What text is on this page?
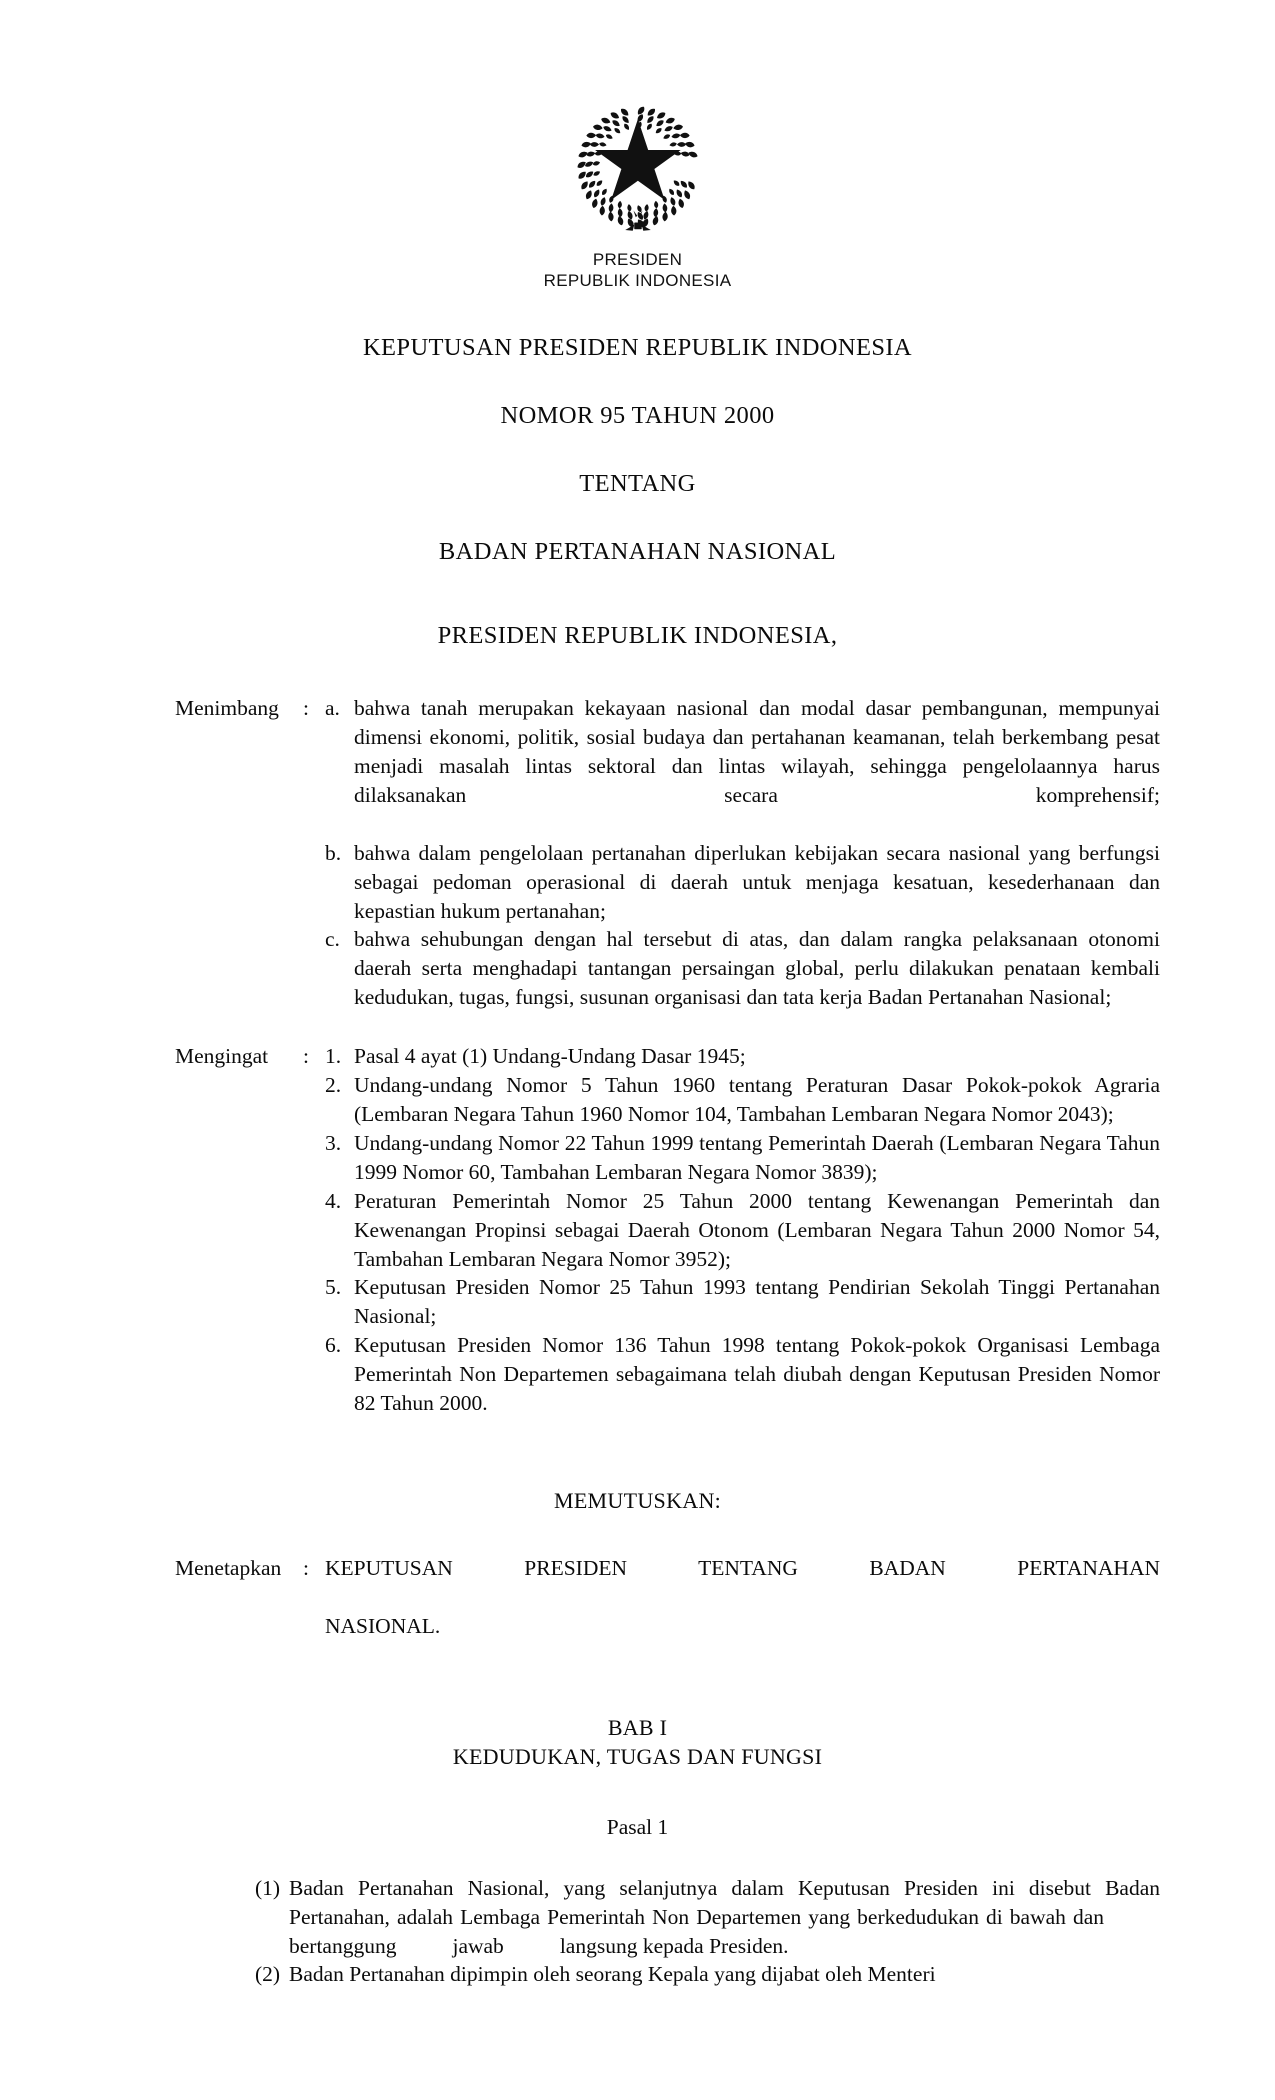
PRESIDEN
REPUBLIK INDONESIA
KEPUTUSAN PRESIDEN REPUBLIK INDONESIA
NOMOR 95 TAHUN 2000
TENTANG
BADAN PERTANAHAN NASIONAL
PRESIDEN REPUBLIK INDONESIA,
Menimbang	: a. bahwa tanah merupakan kekayaan nasional dan modal dasar pembangunan, mempunyai dimensi ekonomi, politik, sosial budaya dan pertahanan keamanan, telah berkembang pesat menjadi masalah lintas sektoral dan lintas wilayah, sehingga pengelolaannya harus dilaksanakan secara komprehensif;
b. bahwa dalam pengelolaan pertanahan diperlukan kebijakan secara nasional yang berfungsi sebagai pedoman operasional di daerah untuk menjaga kesatuan, kesederhanaan dan kepastian hukum pertanahan;
c. bahwa sehubungan dengan hal tersebut di atas, dan dalam rangka pelaksanaan otonomi daerah serta menghadapi tantangan persaingan global, perlu dilakukan penataan kembali kedudukan, tugas, fungsi, susunan organisasi dan tata kerja Badan Pertanahan Nasional;
Mengingat	: 1. Pasal 4 ayat (1) Undang-Undang Dasar 1945;
2. Undang-undang Nomor 5 Tahun 1960 tentang Peraturan Dasar Pokok-pokok Agraria (Lembaran Negara Tahun 1960 Nomor 104, Tambahan Lembaran Negara Nomor 2043);
3. Undang-undang Nomor 22 Tahun 1999 tentang Pemerintah Daerah (Lembaran Negara Tahun 1999 Nomor 60, Tambahan Lembaran Negara Nomor 3839);
4. Peraturan Pemerintah Nomor 25 Tahun 2000 tentang Kewenangan Pemerintah dan Kewenangan Propinsi sebagai Daerah Otonom (Lembaran Negara Tahun 2000 Nomor 54, Tambahan Lembaran Negara Nomor 3952);
5. Keputusan Presiden Nomor 25 Tahun 1993 tentang Pendirian Sekolah Tinggi Pertanahan Nasional;
6. Keputusan Presiden Nomor 136 Tahun 1998 tentang Pokok-pokok Organisasi Lembaga Pemerintah Non Departemen sebagaimana telah diubah dengan Keputusan Presiden Nomor 82 Tahun 2000.
MEMUTUSKAN:
Menetapkan	: KEPUTUSAN PRESIDEN TENTANG BADAN PERTANAHAN
NASIONAL.
BAB I
KEDUDUKAN, TUGAS DAN FUNGSI
Pasal 1
(1) Badan Pertanahan Nasional, yang selanjutnya dalam Keputusan Presiden ini disebut Badan Pertanahan, adalah Lembaga Pemerintah Non Departemen yang berkedudukan di bawah danbertanggung	jawab	langsung kepada Presiden.
(2) Badan Pertanahan dipimpin oleh seorang Kepala yang dijabat oleh Menteri
